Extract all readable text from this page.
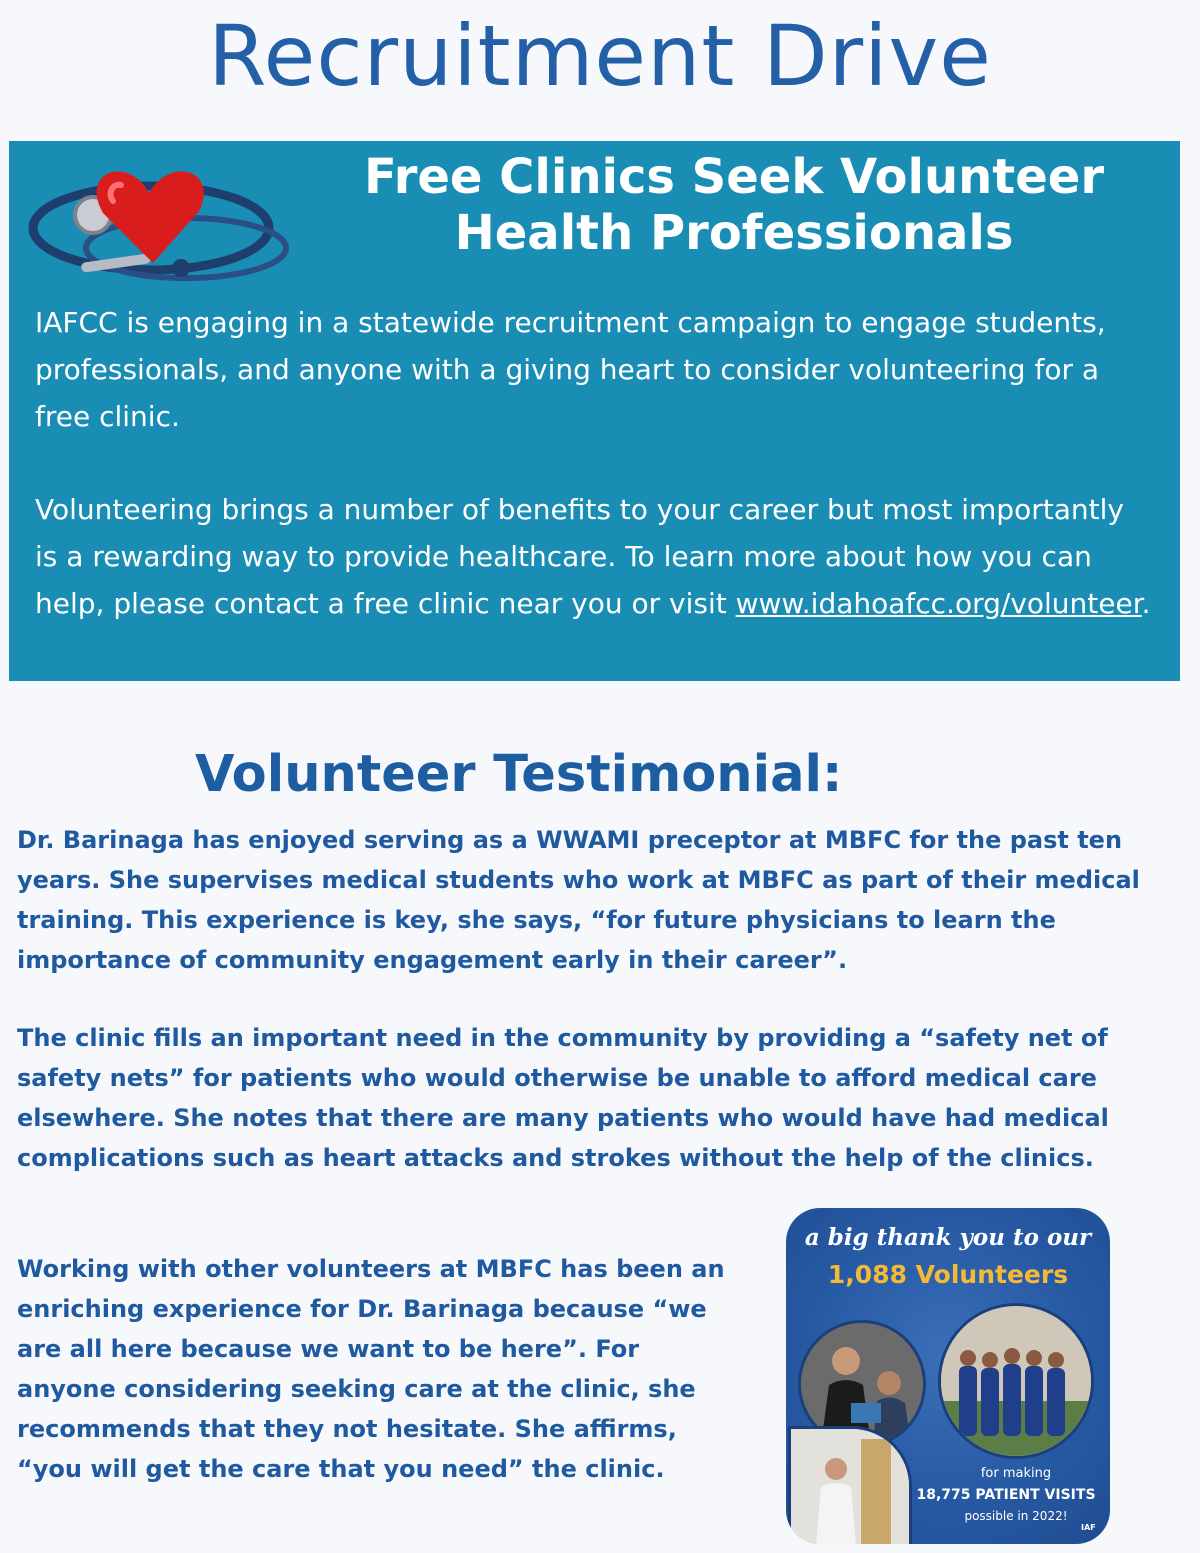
Recruitment Drive
Free Clinics Seek Volunteer
Health Professionals

IAFCC is engaging in a statewide recruitment campaign to engage students, professionals, and anyone with a giving heart to consider volunteering for a free clinic.

Volunteering brings a number of benefits to your career but most importantly is a rewarding way to provide healthcare. To learn more about how you can help, please contact a free clinic near you or visit www.idahoafcc.org/volunteer.

Volunteer Testimonial:

Dr. Barinaga has enjoyed serving as a WWAMI preceptor at MBFC for the past ten years. She supervises medical students who work at MBFC as part of their medical training. This experience is key, she says, “for future physicians to learn the importance of community engagement early in their career”.

The clinic fills an important need in the community by providing a “safety net of safety nets” for patients who would otherwise be unable to afford medical care elsewhere. She notes that there are many patients who would have had medical complications such as heart attacks and strokes without the help of the clinics.

Working with other volunteers at MBFC has been an enriching experience for Dr. Barinaga because “we are all here because we want to be here”. For anyone considering seeking care at the clinic, she recommends that they not hesitate. She affirms, “you will get the care that you need” the clinic.

a big thank you to our

1,088 Volunteers

for making

18,775 PATIENT VISITS

possible in 2022!

IAF
